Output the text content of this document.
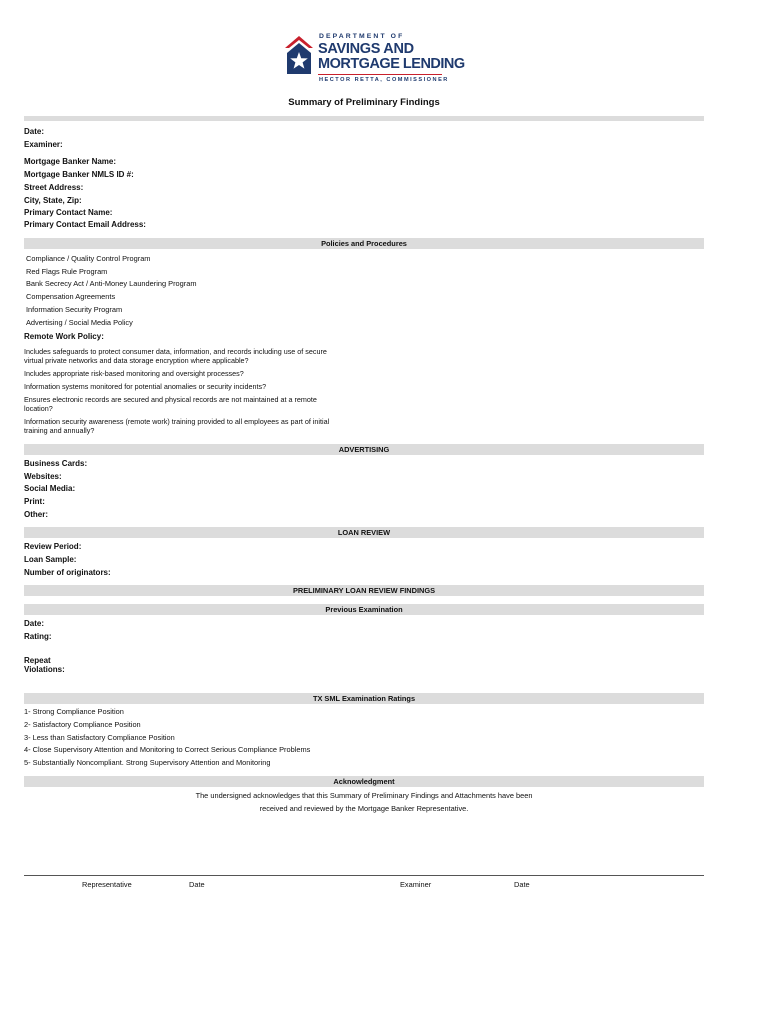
DEPARTMENT OF
SAVINGS AND
MORTGAGE LENDING
HECTOR RETTA, COMMISSIONER
Summary of Preliminary Findings
Date:
Examiner:
Mortgage Banker Name:
Mortgage Banker NMLS ID #:
Street Address:
City, State, Zip:
Primary Contact Name:
Primary Contact Email Address:
Policies and Procedures
Compliance / Quality Control Program
Red Flags Rule Program
Bank Secrecy Act / Anti-Money Laundering Program
Compensation Agreements
Information Security Program
Advertising / Social Media Policy
Remote Work Policy:
Includes safeguards to protect consumer data, information, and records including use of secure virtual private networks and data storage encryption where applicable?
Includes appropriate risk-based monitoring and oversight processes?
Information systems monitored for potential anomalies or security incidents?
Ensures electronic records are secured and physical records are not maintained at a remote location?
Information security awareness (remote work) training provided to all employees as part of initial training and annually?
ADVERTISING
Business Cards:
Websites:
Social Media:
Print:
Other:
LOAN REVIEW
Review Period:
Loan Sample:
Number of originators:
PRELIMINARY LOAN REVIEW FINDINGS
Previous Examination
Date:
Rating:
Repeat
Violations:
TX SML Examination Ratings
1- Strong Compliance Position
2- Satisfactory Compliance Position
3- Less than Satisfactory Compliance Position
4- Close Supervisory Attention and Monitoring to Correct Serious Compliance Problems
5- Substantially Noncompliant. Strong Supervisory Attention and Monitoring
Acknowledgment
The undersigned acknowledges that this Summary of Preliminary Findings and Attachments have been
received and reviewed by the Mortgage Banker Representative.
Representative	Date	Examiner	Date
